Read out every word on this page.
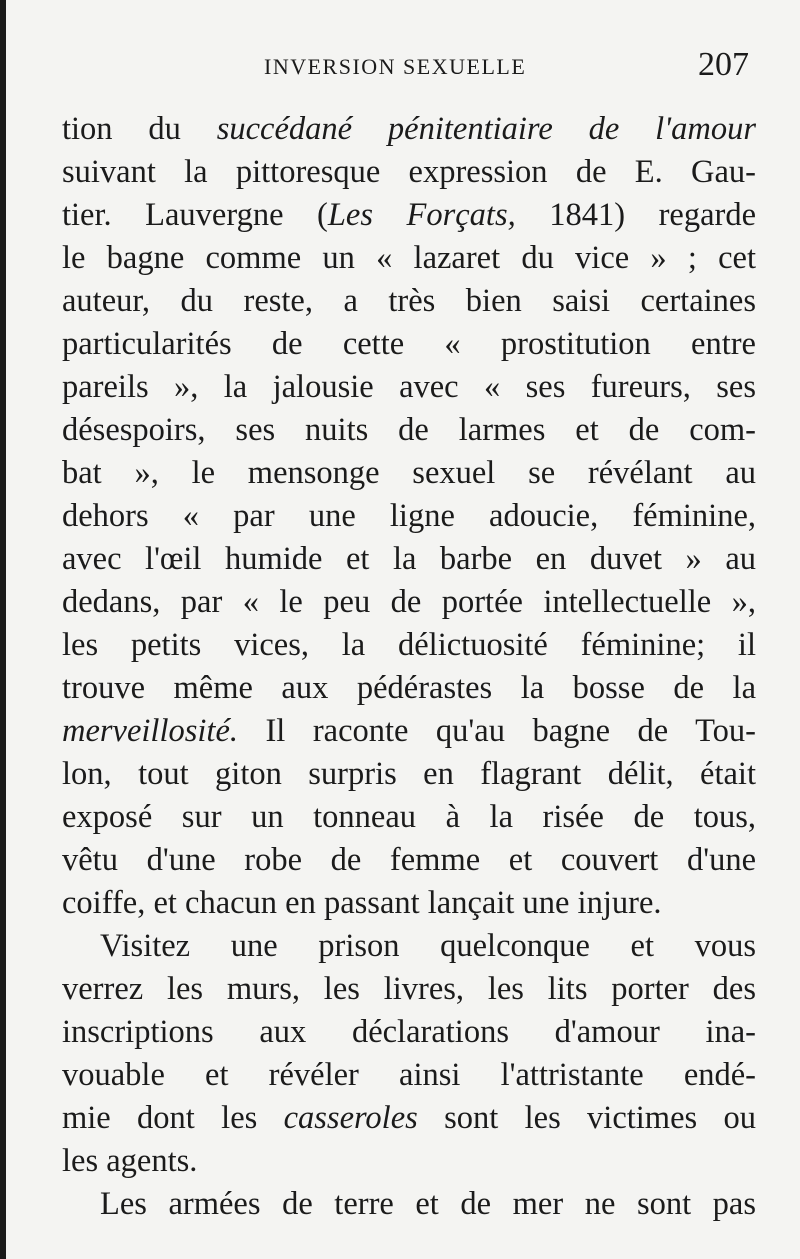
INVERSION SEXUELLE	207
tion du succédané pénitentiaire de l'amour
suivant la pittoresque expression de E. Gau-
tier. Lauvergne (Les Forçats, 1841) regarde
le bagne comme un « lazaret du vice » ; cet
auteur, du reste, a très bien saisi certaines
particularités de cette « prostitution entre
pareils », la jalousie avec « ses fureurs, ses
désespoirs, ses nuits de larmes et de com-
bat », le mensonge sexuel se révélant au
dehors « par une ligne adoucie, féminine,
avec l'œil humide et la barbe en duvet » au
dedans, par « le peu de portée intellectuelle »,
les petits vices, la délictuosité féminine; il
trouve même aux pédérastes la bosse de la
merveillosité. Il raconte qu'au bagne de Tou-
lon, tout giton surpris en flagrant délit, était
exposé sur un tonneau à la risée de tous,
vêtu d'une robe de femme et couvert d'une
coiffe, et chacun en passant lançait une injure.
Visitez une prison quelconque et vous
verrez les murs, les livres, les lits porter des
inscriptions aux déclarations d'amour ina-
vouable et révéler ainsi l'attristante endé-
mie dont les casseroles sont les victimes ou
les agents.
Les armées de terre et de mer ne sont pas
